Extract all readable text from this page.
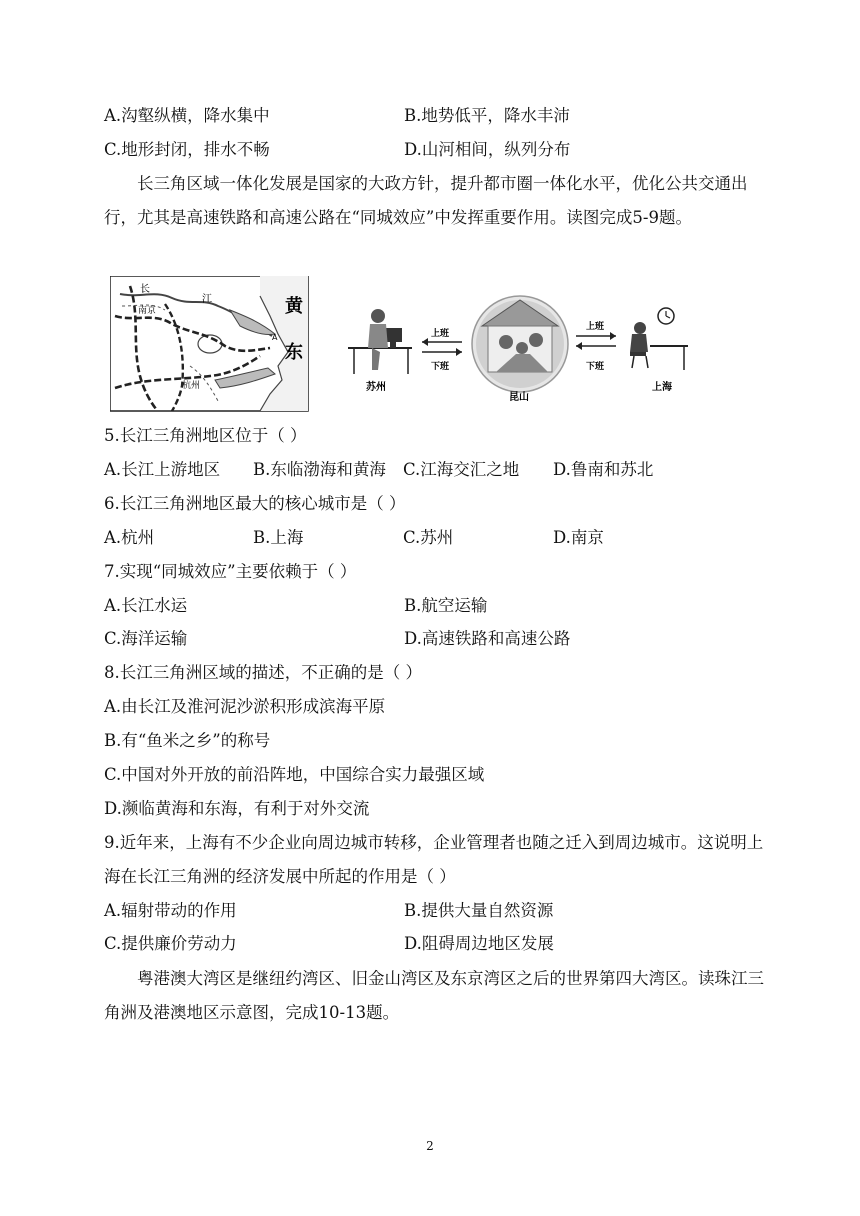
A.沟壑纵横，降水集中	B.地势低平，降水丰沛
C.地形封闭，排水不畅	D.山河相间，纵列分布
长三角区域一体化发展是国家的大政方针，提升都市圈一体化水平，优化公共交通出行，尤其是高速铁路和高速公路在“同城效应”中发挥重要作用。读图完成5-9题。
长
南京
江
杭州
A
黄
东
苏州
上班
下班
昆山
上班
下班
上海
5.长江三角洲地区位于（ ）
A.长江上游地区 B.东临渤海和黄海 C.江海交汇之地 D.鲁南和苏北
6.长江三角洲地区最大的核心城市是（ ）
A.杭州	B.上海	C.苏州	D.南京
7.实现“同城效应”主要依赖于（ ）
A.长江水运	B.航空运输
C.海洋运输	D.高速铁路和高速公路
8.长江三角洲区域的描述，不正确的是（ ）
A.由长江及淮河泥沙淤积形成滨海平原
B.有“鱼米之乡”的称号
C.中国对外开放的前沿阵地，中国综合实力最强区域
D.濒临黄海和东海，有利于对外交流
9.近年来，上海有不少企业向周边城市转移，企业管理者也随之迁入到周边城市。这说明上海在长江三角洲的经济发展中所起的作用是（ ）
A.辐射带动的作用	B.提供大量自然资源
C.提供廉价劳动力	D.阻碍周边地区发展
粤港澳大湾区是继纽约湾区、旧金山湾区及东京湾区之后的世界第四大湾区。读珠江三角洲及港澳地区示意图，完成10-13题。
2
